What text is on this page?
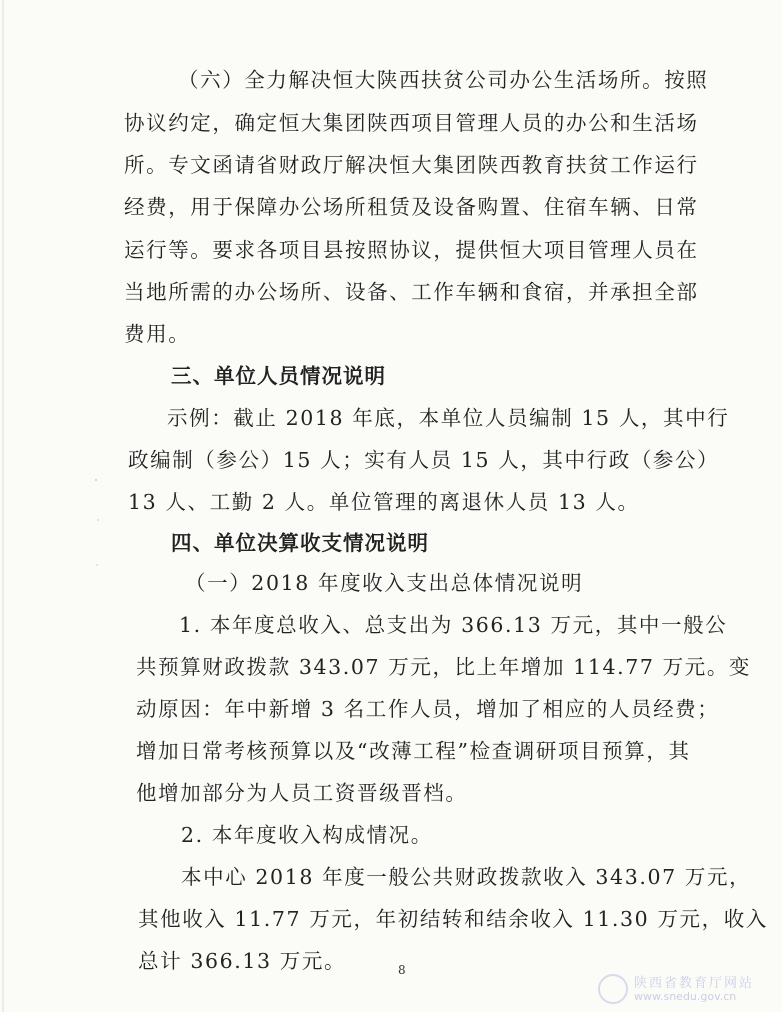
（六）全力解决恒大陕西扶贫公司办公生活场所。按照
协议约定，确定恒大集团陕西项目管理人员的办公和生活场
所。专文函请省财政厅解决恒大集团陕西教育扶贫工作运行
经费，用于保障办公场所租赁及设备购置、住宿车辆、日常
运行等。要求各项目县按照协议，提供恒大项目管理人员在
当地所需的办公场所、设备、工作车辆和食宿，并承担全部
费用。
三、单位人员情况说明
示例：截止 2018 年底，本单位人员编制 15 人，其中行
政编制（参公）15 人；实有人员 15 人，其中行政（参公）
13 人、工勤 2 人。单位管理的离退休人员 13 人。
四、单位决算收支情况说明
（一）2018 年度收入支出总体情况说明
1. 本年度总收入、总支出为 366.13 万元，其中一般公
共预算财政拨款 343.07 万元，比上年增加 114.77 万元。变
动原因：年中新增 3 名工作人员，增加了相应的人员经费；
增加日常考核预算以及“改薄工程”检查调研项目预算，其
他增加部分为人员工资晋级晋档。
2. 本年度收入构成情况。
本中心 2018 年度一般公共财政拨款收入 343.07 万元，
其他收入 11.77 万元，年初结转和结余收入 11.30 万元，收入
总计 366.13 万元。	8
陕西省教育厅网站
www.snedu.gov.cn
